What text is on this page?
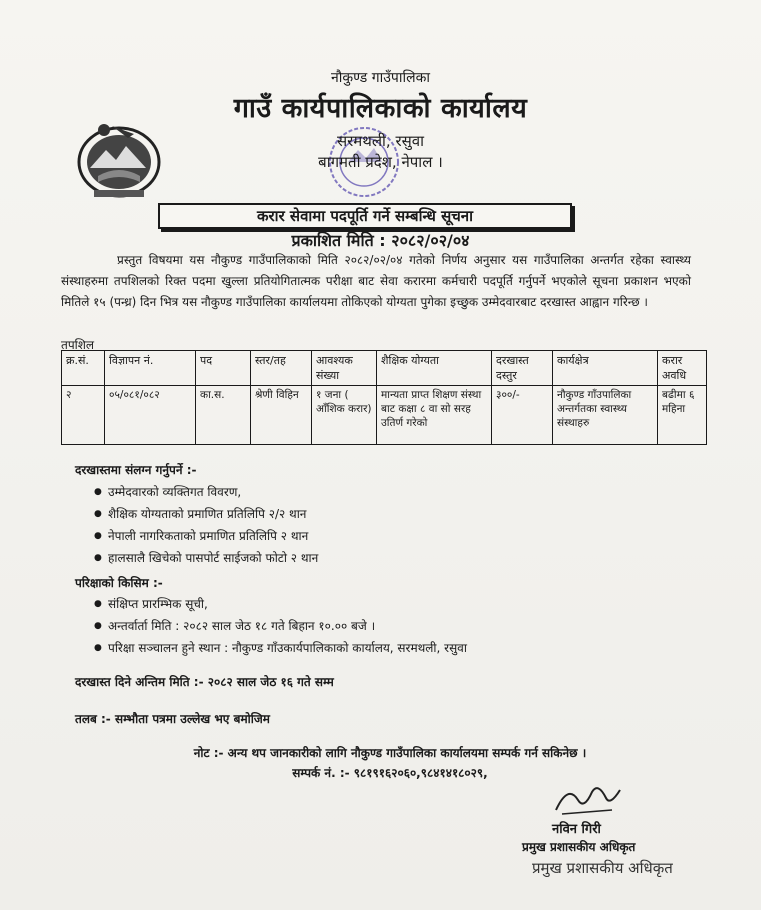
नौकुण्ड गाउँपालिका
गाउँ कार्यपालिकाको कार्यालय
सरमथली, रसुवा
बागमती प्रदेश, नेपाल ।
करार सेवामा पदपूर्ति गर्ने सम्बन्धि सूचना
प्रकाशित मिति : २०८२/०२/०४
प्रस्तुत विषयमा यस नौकुण्ड गाउँपालिकाको मिति २०८२/०२/०४ गतेको निर्णय अनुसार यस गाउँपालिका अन्तर्गत रहेका स्वास्थ्य संस्थाहरुमा तपशिलको रिक्त पदमा खुल्ला प्रतियोगितात्मक परीक्षा बाट सेवा करारमा कर्मचारी पदपूर्ति गर्नुपर्ने भएकोले सूचना प्रकाशन भएको मितिले १५ (पन्ध्र) दिन भित्र यस नौकुण्ड गाउँपालिका कार्यालयमा तोकिएको योग्यता पुगेका इच्छुक उम्मेदवारबाट दरखास्त आह्वान गरिन्छ ।
तपशिल
क्र.सं.	विज्ञापन नं.	पद	स्तर/तह	आवश्यक संख्या	शैक्षिक योग्यता	दरखास्त दस्तुर	कार्यक्षेत्र	करार अवधि
२	०५/०८१/०८२	का.स.	श्रेणी विहिन	१ जना ( आँशिक करार)	मान्यता प्राप्त शिक्षण संस्था बाट कक्षा ८ वा सो सरह उतिर्ण गरेको	३००/-	नौकुण्ड गाँउपालिका अन्तर्गतका स्वास्थ्य संस्थाहरु	बढीमा ६ महिना
दरखास्तमा संलग्न गर्नुपर्ने :-
● उम्मेदवारको व्यक्तिगत विवरण,
● शैक्षिक योग्यताको प्रमाणित प्रतिलिपि २/२ थान
● नेपाली नागरिकताको प्रमाणित प्रतिलिपि २ थान
● हालसालै खिचेको पासपोर्ट साईजको फोटो २ थान
परिक्षाको किसिम :-
● संक्षिप्त प्रारम्भिक सूची,
● अन्तर्वार्ता मिति : २०८२ साल जेठ १८ गते बिहान १०.०० बजे ।
● परिक्षा सञ्चालन हुने स्थान : नौकुण्ड गाँउकार्यपालिकाको कार्यालय, सरमथली, रसुवा
दरखास्त दिने अन्तिम मिति :- २०८२ साल जेठ १६ गते सम्म
तलब :- सम्भौता पत्रमा उल्लेख भए बमोजिम
नोट :- अन्य थप जानकारीको लागि नौकुण्ड गाउँपालिका कार्यालयमा सम्पर्क गर्न सकिनेछ ।
सम्पर्क नं. :- ९८१९१६२०६०,९८४१४१८०२९,
नविन गिरी
प्रमुख प्रशासकीय अधिकृत
प्रमुख प्रशासकीय अधिकृत
